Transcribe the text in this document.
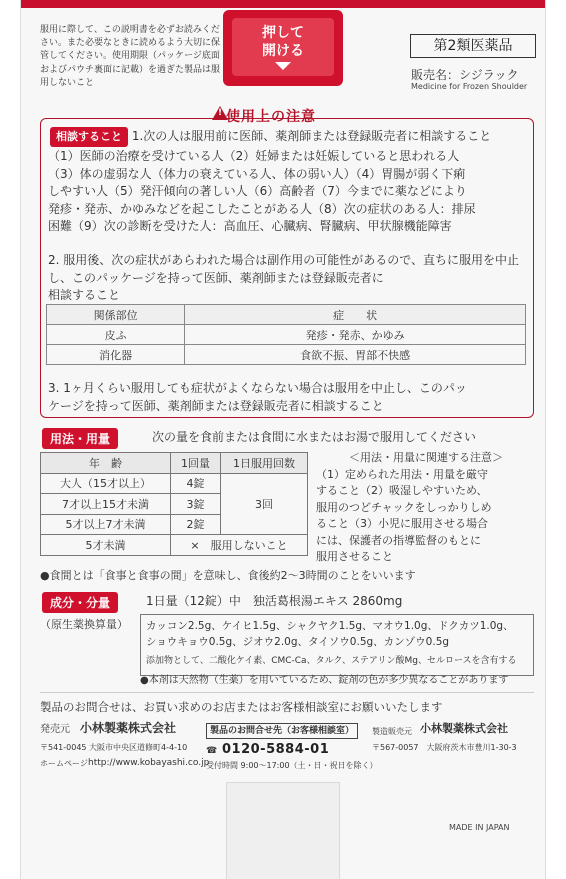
服用に際して、この説明書を必ずお読みください。また必要なときに読めるよう大切に保管してください。使用期限（パッケージ底面およびパウチ裏面に記載）を過ぎた製品は服用しないこと
押して
開ける	第2類医薬品
販売名：シジラック
Medicine for Frozen Shoulder
!
使用上の注意
相談すること 1.次の人は服用前に医師、薬剤師または登録販売者に相談すること
（1）医師の治療を受けている人（2）妊婦または妊娠していると思われる人
（3）体の虚弱な人（体力の衰えている人、体の弱い人）（4）胃腸が弱く下痢
しやすい人（5）発汗傾向の著しい人（6）高齢者（7）今までに薬などにより
発疹・発赤、かゆみなどを起こしたことがある人（8）次の症状のある人：排尿
困難（9）次の診断を受けた人：高血圧、心臓病、腎臓病、甲状腺機能障害
2. 服用後、次の症状があらわれた場合は副作用の可能性があるので、直ちに服用を中止し、このパッケージを持って医師、薬剤師または登録販売者に
相談すること
関係部位	症　　状
皮ふ	発疹・発赤、かゆみ
消化器	食欲不振、胃部不快感
3. 1ヶ月くらい服用しても症状がよくならない場合は服用を中止し、このパッ
ケージを持って医師、薬剤師または登録販売者に相談すること
用法・用量	次の量を食前または食間に水またはお湯で服用してください
年　齢	1回量	1日服用回数
大人（15才以上）	4錠	3回
7才以上15才未満	3錠	
5才以上7才未満	2錠	
5才未満	×　服用しないこと	
＜用法・用量に関連する注意＞
（1）定められた用法・用量を厳守
すること（2）吸湿しやすいため、
服用のつどチャックをしっかりしめ
ること（3）小児に服用させる場合
には、保護者の指導監督のもとに
服用させること
●食間とは「食事と食事の間」を意味し、食後約2〜3時間のことをいいます
成分・分量	1日量（12錠）中　独活葛根湯エキス 2860mg
（原生薬換算量） カッコン2.5g、ケイヒ1.5g、シャクヤク1.5g、マオウ1.0g、ドクカツ1.0g、
ショウキョウ0.5g、ジオウ2.0g、タイソウ0.5g、カンゾウ0.5g
添加物として、二酸化ケイ素、CMC-Ca、タルク、ステアリン酸Mg、セルロースを含有する
●本剤は天然物（生薬）を用いているため、錠剤の色が多少異なることがあります
製品のお問合せは、お買い求めのお店またはお客様相談室にお願いいたします
発売元 小林製薬株式会社
〒541-0045 大阪市中央区道修町4-4-10
ホームページ http://www.kobayashi.co.jp
製品のお問合せ先（お客様相談室）
☎ 0120-5884-01
受付時間 9:00〜17:00（土・日・祝日を除く）
製造販売元 小林製薬株式会社
〒567-0057　大阪府茨木市豊川1-30-3
MADE IN JAPAN
